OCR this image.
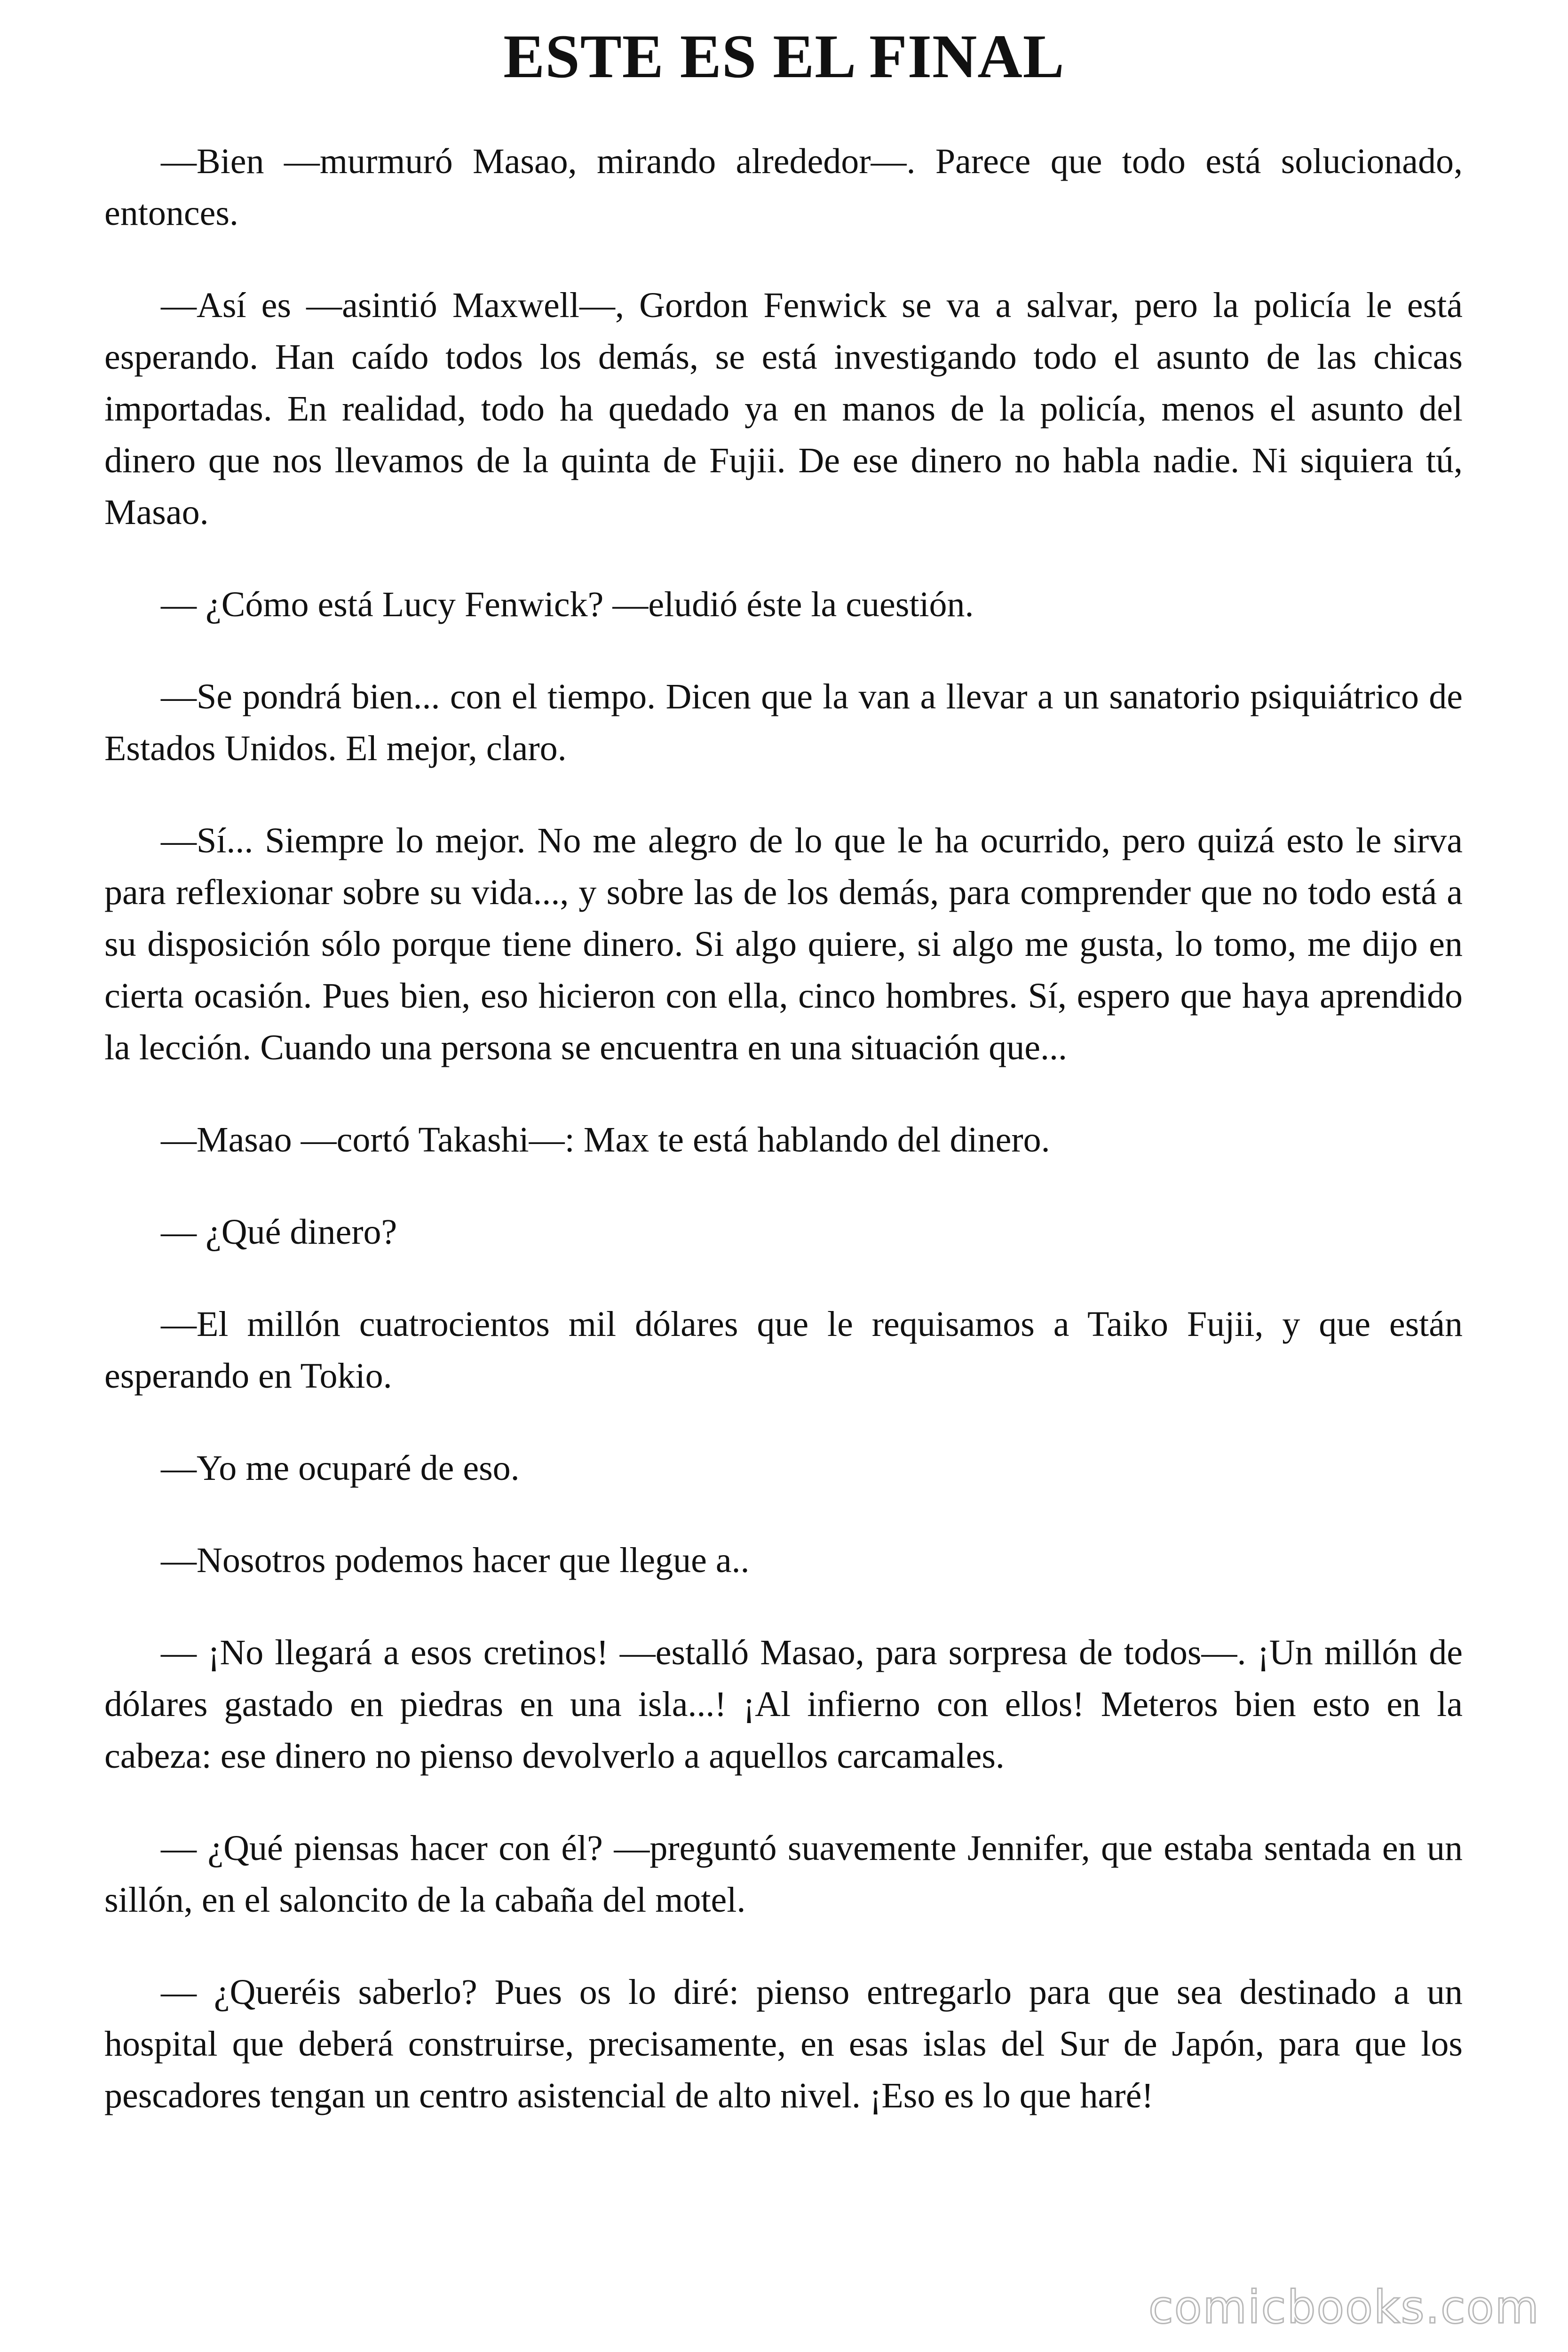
ESTE ES EL FINAL

—Bien —murmuró Masao, mirando alrededor—. Parece que todo está solucionado, entonces.

—Así es —asintió Maxwell—, Gordon Fenwick se va a salvar, pero la policía le está esperando. Han caído todos los demás, se está investigando todo el asunto de las chicas importadas. En realidad, todo ha quedado ya en manos de la policía, menos el asunto del dinero que nos llevamos de la quinta de Fujii. De ese dinero no habla nadie. Ni siquiera tú, Masao.

— ¿Cómo está Lucy Fenwick? —eludió éste la cuestión.

—Se pondrá bien... con el tiempo. Dicen que la van a llevar a un sanatorio psiquiátrico de Estados Unidos. El mejor, claro.

—Sí... Siempre lo mejor. No me alegro de lo que le ha ocurrido, pero quizá esto le sirva para reflexionar sobre su vida..., y sobre las de los demás, para comprender que no todo está a su disposición sólo porque tiene dinero. Si algo quiere, si algo me gusta, lo tomo, me dijo en cierta ocasión. Pues bien, eso hicieron con ella, cinco hombres. Sí, espero que haya aprendido la lección. Cuando una persona se encuentra en una situación que...

—Masao —cortó Takashi—: Max te está hablando del dinero.

— ¿Qué dinero?

—El millón cuatrocientos mil dólares que le requisamos a Taiko Fujii, y que están esperando en Tokio.

—Yo me ocuparé de eso.

—Nosotros podemos hacer que llegue a..

— ¡No llegará a esos cretinos! —estalló Masao, para sorpresa de todos—. ¡Un millón de dólares gastado en piedras en una isla...! ¡Al infierno con ellos! Meteros bien esto en la cabeza: ese dinero no pienso devolverlo a aquellos carcamales.

— ¿Qué piensas hacer con él? —preguntó suavemente Jennifer, que estaba sentada en un sillón, en el saloncito de la cabaña del motel.

— ¿Queréis saberlo? Pues os lo diré: pienso entregarlo para que sea destinado a un hospital que deberá construirse, precisamente, en esas islas del Sur de Japón, para que los pescadores tengan un centro asistencial de alto nivel. ¡Eso es lo que haré!

comicbooks.com
